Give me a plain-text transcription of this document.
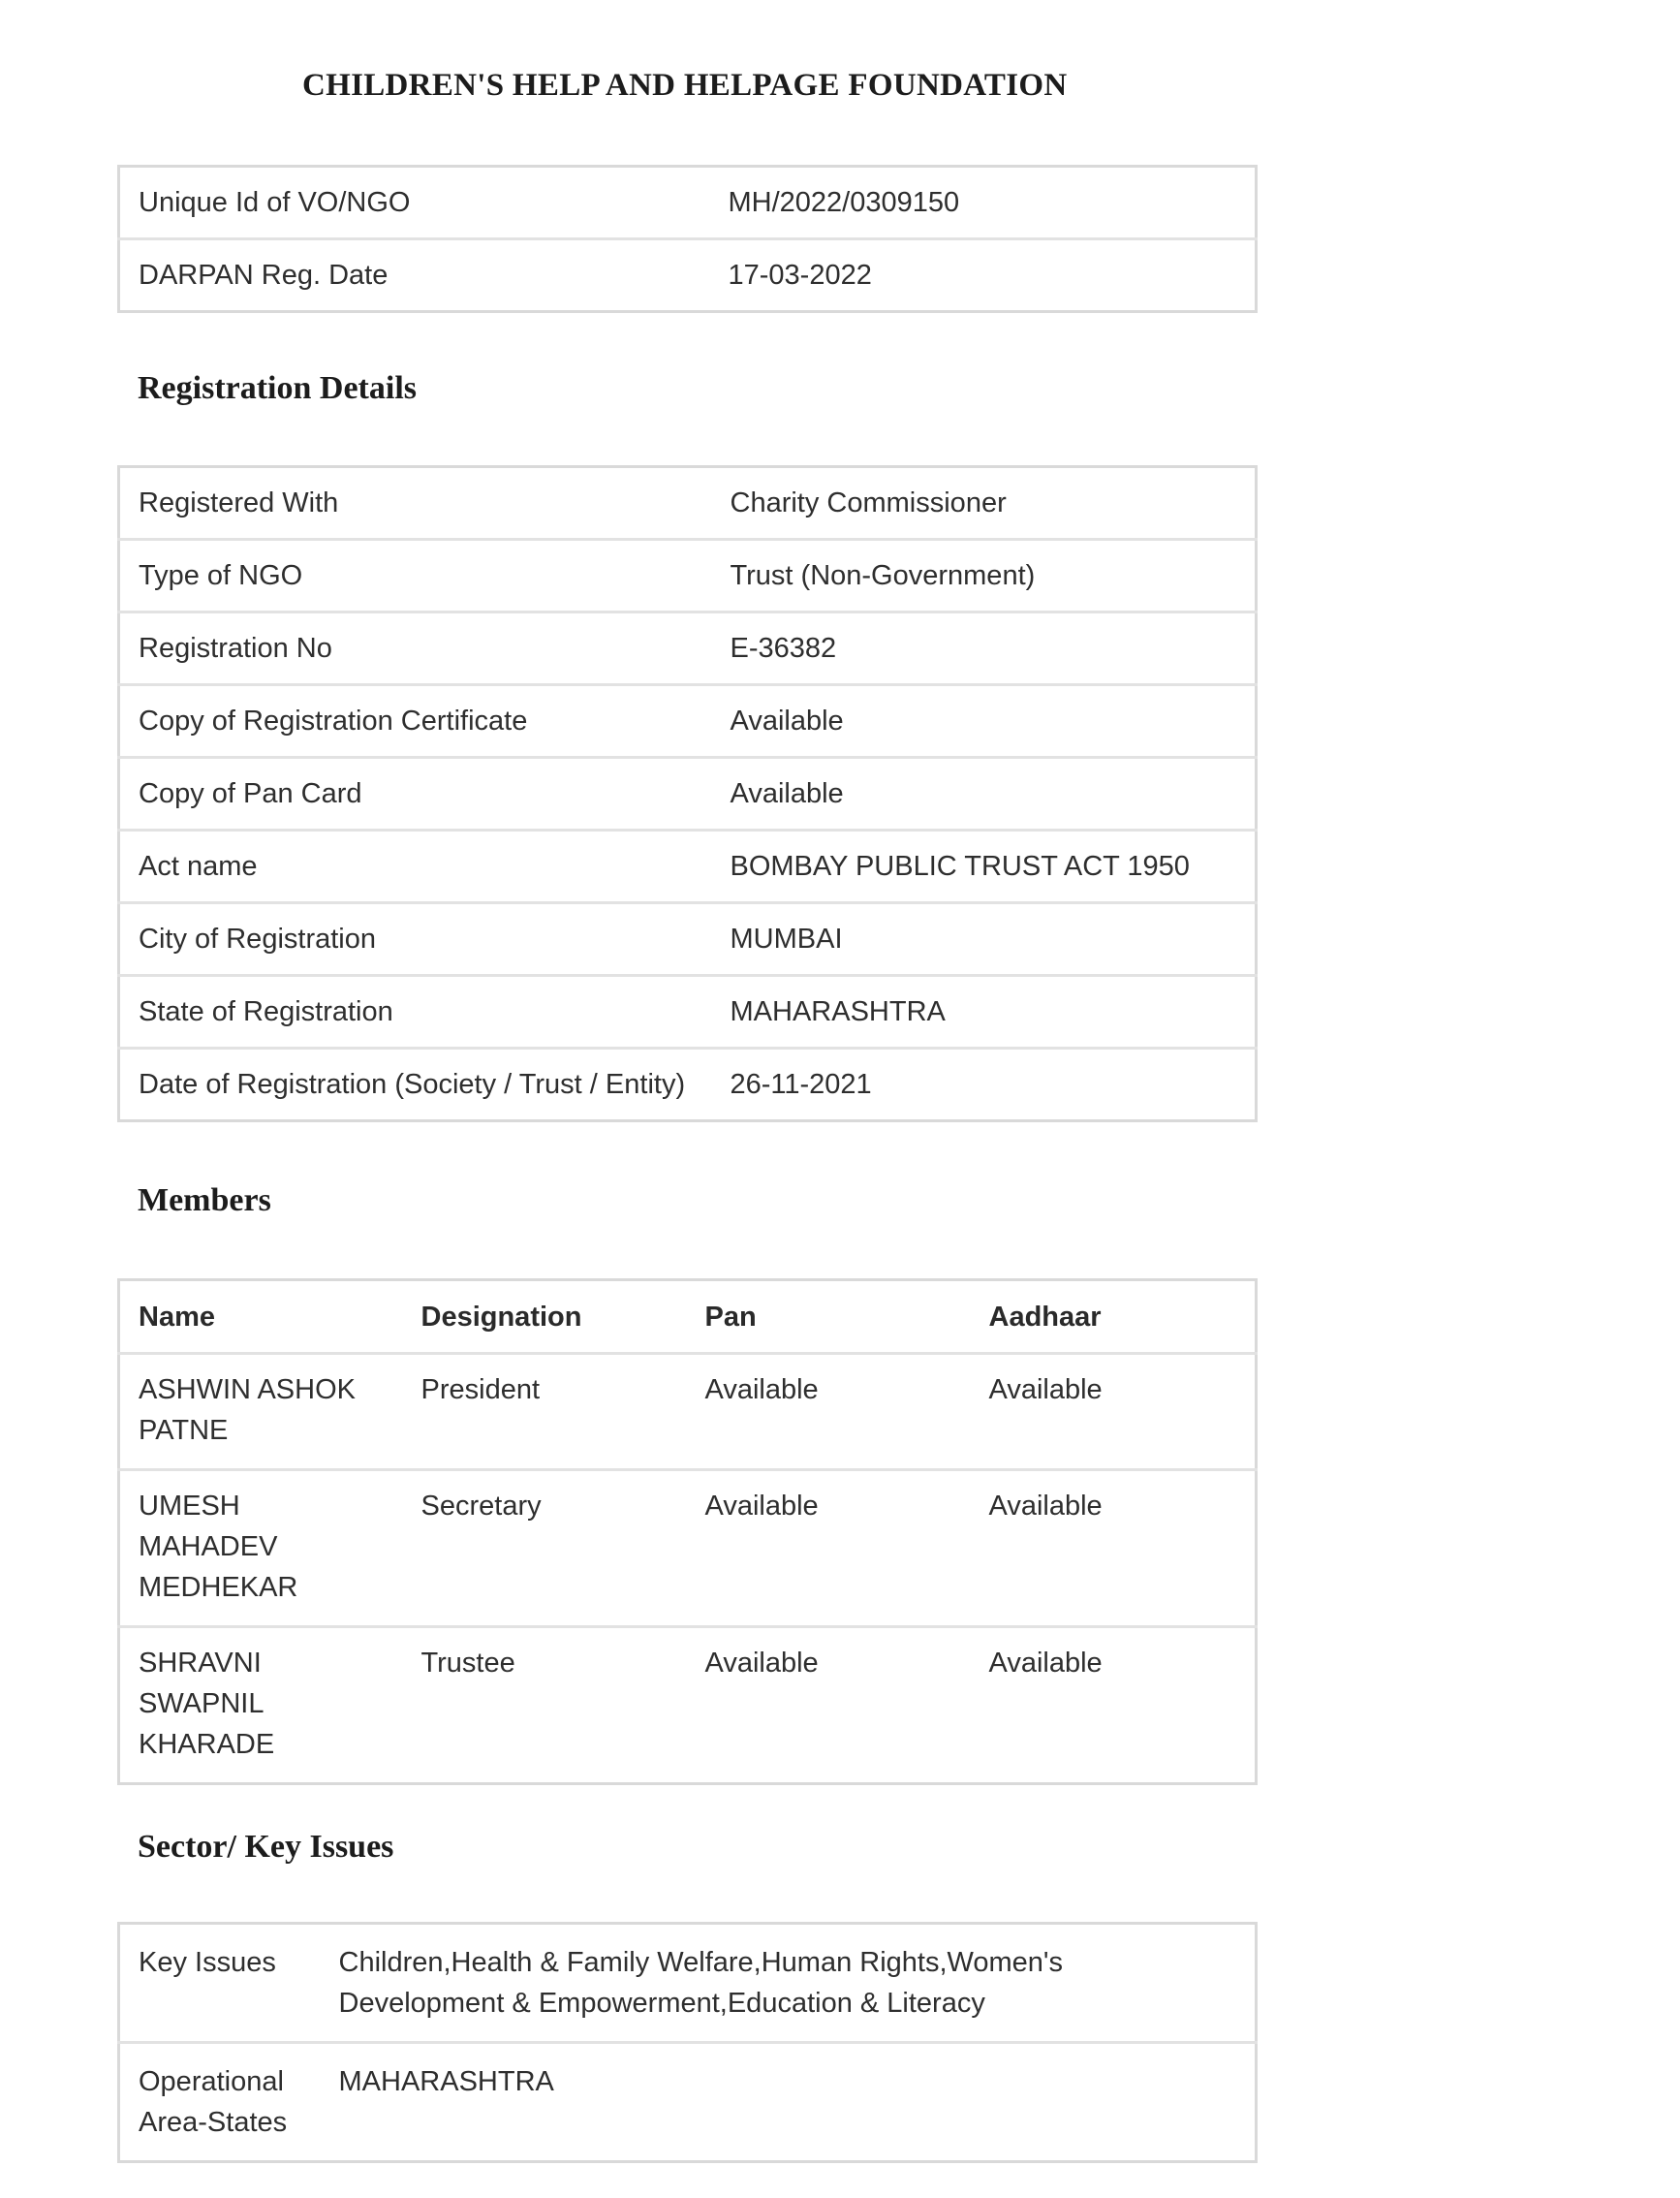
CHILDREN'S HELP AND HELPAGE FOUNDATION
Unique Id of VO/NGO	MH/2022/0309150
DARPAN Reg. Date	17-03-2022
Registration Details
Registered With	Charity Commissioner
Type of NGO	Trust (Non-Government)
Registration No	E-36382
Copy of Registration Certificate	Available
Copy of Pan Card	Available
Act name	BOMBAY PUBLIC TRUST ACT 1950
City of Registration	MUMBAI
State of Registration	MAHARASHTRA
Date of Registration (Society / Trust / Entity)	26-11-2021
Members
Name	Designation	Pan	Aadhaar

ASHWIN ASHOK
PATNE	President	Available	Available

UMESH
MAHADEV
MEDHEKAR	Secretary	Available	Available

SHRAVNI
SWAPNIL
KHARADE	Trustee	Available	Available
Sector/ Key Issues
Key Issues	Children,Health & Family Welfare,Human Rights,Women's
Development & Empowerment,Education & Literacy

Operational
Area-States	MAHARASHTRA
